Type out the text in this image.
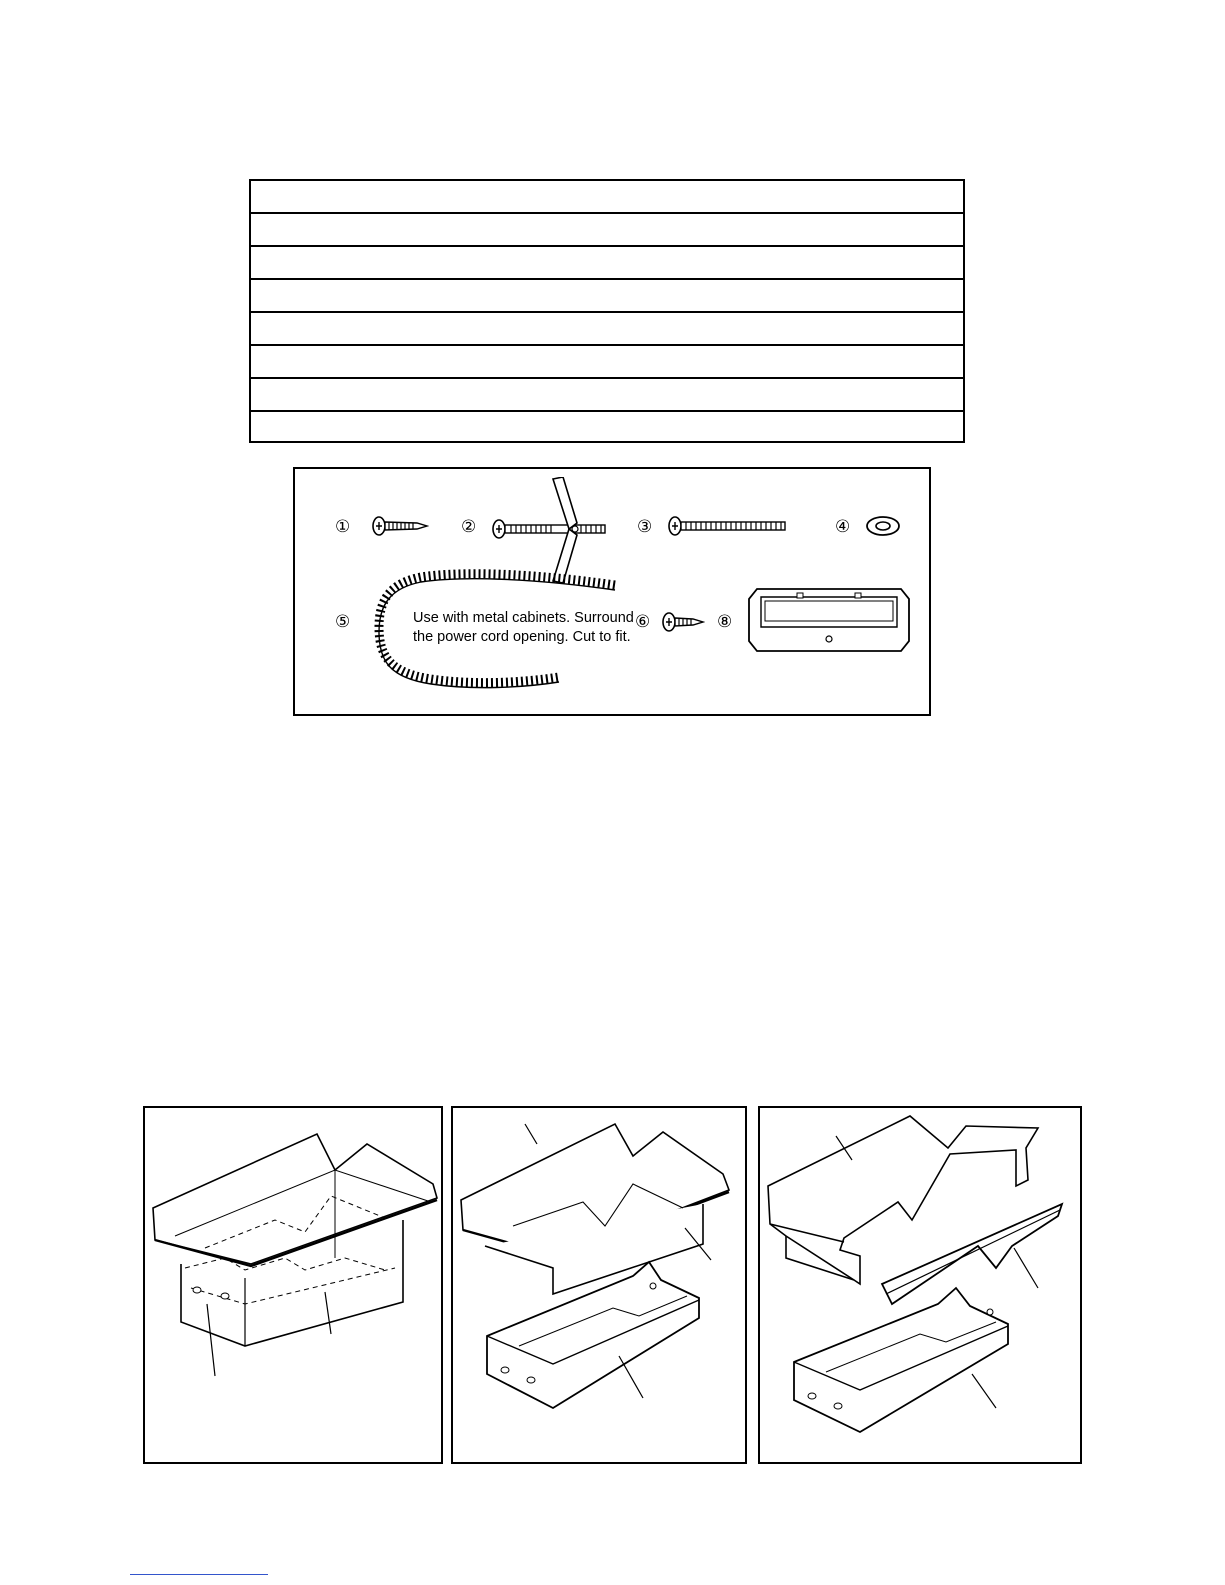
①	②	③	④
⑤	⑥	⑧
Use with metal cabinets. Surround
the power cord opening. Cut to fit.
